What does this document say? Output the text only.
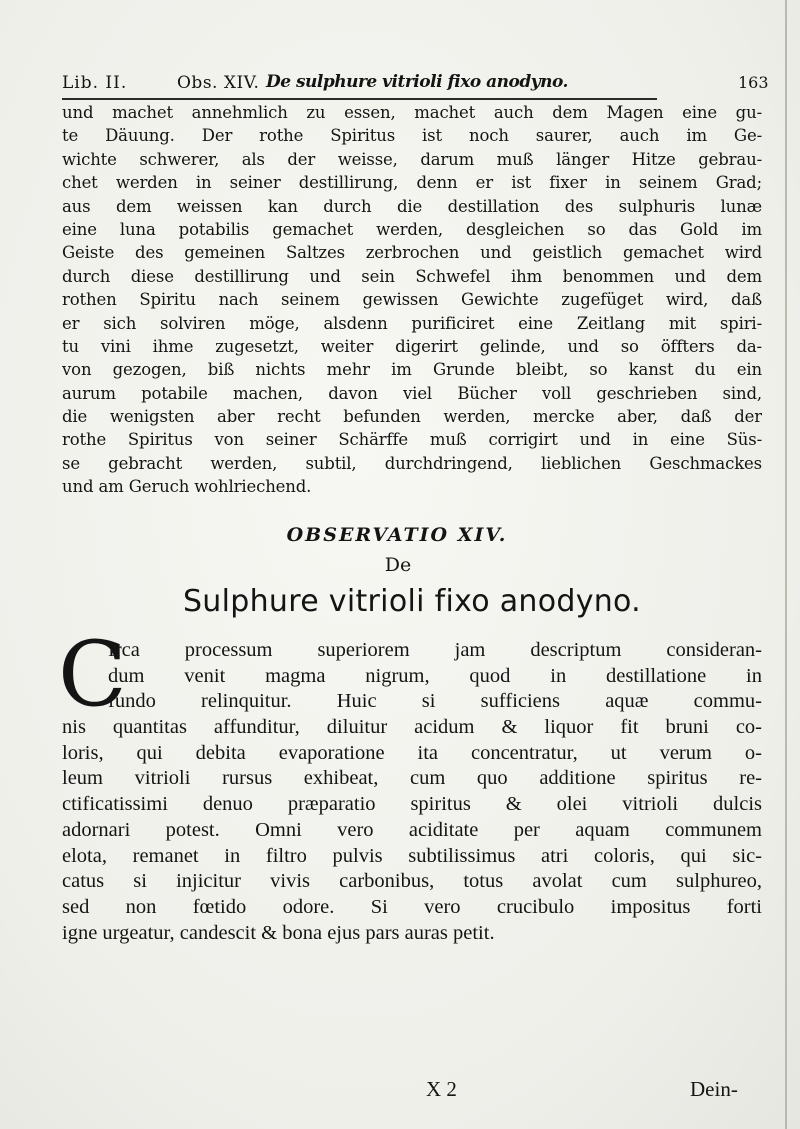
Lib. II.	Obs. XIV. De sulphure vitrioli fixo anodyno.	163
und machet annehmlich zu essen, machet auch dem Magen eine gu-
te Däuung. Der rothe Spiritus ist noch saurer, auch im Ge-
wichte schwerer, als der weisse, darum muß länger Hitze gebrau-
chet werden in seiner destillirung, denn er ist fixer in seinem Grad;
aus dem weissen kan durch die destillation des sulphuris lunæ
eine luna potabilis gemachet werden, desgleichen so das Gold im
Geiste des gemeinen Saltzes zerbrochen und geistlich gemachet wird
durch diese destillirung und sein Schwefel ihm benommen und dem
rothen Spiritu nach seinem gewissen Gewichte zugefüget wird, daß
er sich solviren möge, alsdenn purificiret eine Zeitlang mit spiri-
tu vini ihme zugesetzt, weiter digerirt gelinde, und so öffters da-
von gezogen, biß nichts mehr im Grunde bleibt, so kanst du ein
aurum potabile machen, davon viel Bücher voll geschrieben sind,
die wenigsten aber recht befunden werden, mercke aber, daß der
rothe Spiritus von seiner Schärffe muß corrigirt und in eine Süs-
se gebracht werden, subtil, durchdringend, lieblichen Geschmackes
und am Geruch wohlriechend.
OBSERVATIO XIV.
De
Sulphure vitrioli fixo anodyno.
C
Irca processum superiorem jam descriptum consideran-
dum venit magma nigrum, quod in destillatione in
fundo relinquitur. Huic si sufficiens aquæ commu-
nis quantitas affunditur, diluitur acidum & liquor fit bruni co-
loris, qui debita evaporatione ita concentratur, ut verum o-
leum vitrioli rursus exhibeat, cum quo additione spiritus re-
ctificatissimi denuo præparatio spiritus & olei vitrioli dulcis
adornari potest. Omni vero aciditate per aquam communem
elota, remanet in filtro pulvis subtilissimus atri coloris, qui sic-
catus si injicitur vivis carbonibus, totus avolat cum sulphureo,
sed non fœtido odore. Si vero crucibulo impositus forti
igne urgeatur, candescit & bona ejus pars auras petit.
X 2	Dein-
